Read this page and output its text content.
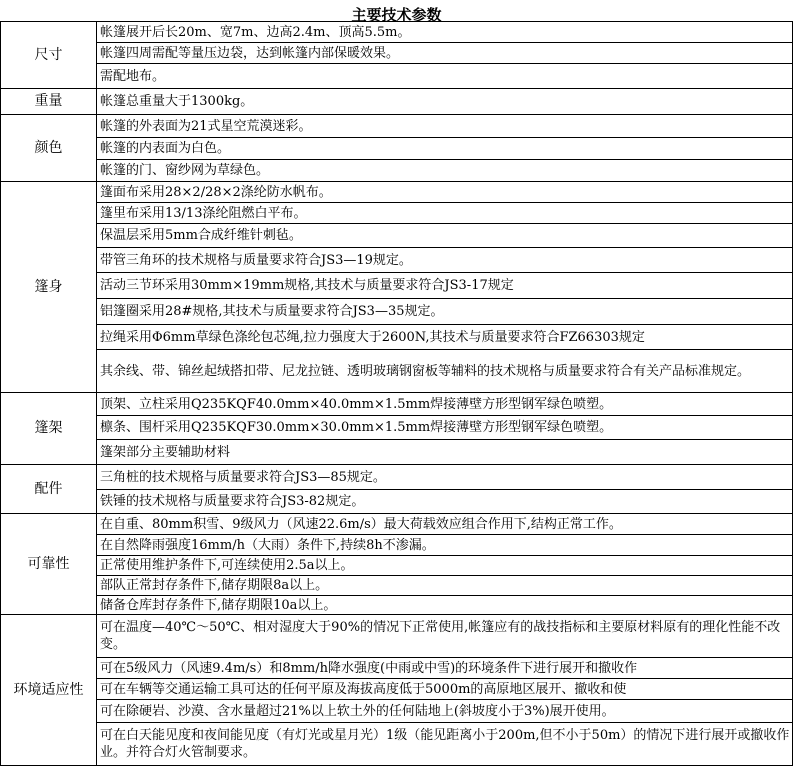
主要技术参数
尺寸	帐篷展开后长20m、宽7m、边高2.4m、顶高5.5m。
	帐篷四周需配等量压边袋，达到帐篷内部保暖效果。
	需配地布。
重量	帐篷总重量大于1300kg。
颜色	帐篷的外表面为21式星空荒漠迷彩。
	帐篷的内表面为白色。
	帐篷的门、窗纱网为草绿色。
篷身	篷面布采用28×2/28×2涤纶防水帆布。
	篷里布采用13/13涤纶阻燃白平布。
	保温层采用5mm合成纤维针刺毡。
	带管三角环的技术规格与质量要求符合JS3—19规定。
	活动三节环采用30mm×19mm规格,其技术与质量要求符合JS3-17规定
	铝篷圈采用28#规格,其技术与质量要求符合JS3—35规定。
	拉绳采用Φ6mm草绿色涤纶包芯绳,拉力强度大于2600N,其技术与质量要求符合FZ66303规定
	其余线、带、锦丝起绒搭扣带、尼龙拉链、透明玻璃钢窗板等辅料的技术规格与质量要求符合有关产品标准规定。
篷架	顶架、立柱采用Q235KQF40.0mm×40.0mm×1.5mm焊接薄壁方形型钢军绿色喷塑。
	檩条、围杆采用Q235KQF30.0mm×30.0mm×1.5mm焊接薄壁方形型钢军绿色喷塑。
	篷架部分主要辅助材料
配件	三角桩的技术规格与质量要求符合JS3—85规定。
	铁锤的技术规格与质量要求符合JS3-82规定。
可靠性	在自重、80mm积雪、9级风力（风速22.6m/s）最大荷载效应组合作用下,结构正常工作。
	在自然降雨强度16mm/h（大雨）条件下,持续8h不渗漏。
	正常使用维护条件下,可连续使用2.5a以上。
	部队正常封存条件下,储存期限8a以上。
	储备仓库封存条件下,储存期限10a以上。
环境适应性	可在温度—40℃～50℃、相对湿度大于90%的情况下正常使用,帐篷应有的战技指标和主要原材料原有的理化性能不改变。
	可在5级风力（风速9.4m/s）和8mm/h降水强度(中雨或中雪)的环境条件下进行展开和撤收作
	可在车辆等交通运输工具可达的任何平原及海拔高度低于5000m的高原地区展开、撤收和使
	可在除硬岩、沙漠、含水量超过21%以上软土外的任何陆地上(斜坡度小于3%)展开使用。
	可在白天能见度和夜间能见度（有灯光或星月光）1级（能见距离小于200m,但不小于50m）的情况下进行展开或撤收作业。并符合灯火管制要求。
